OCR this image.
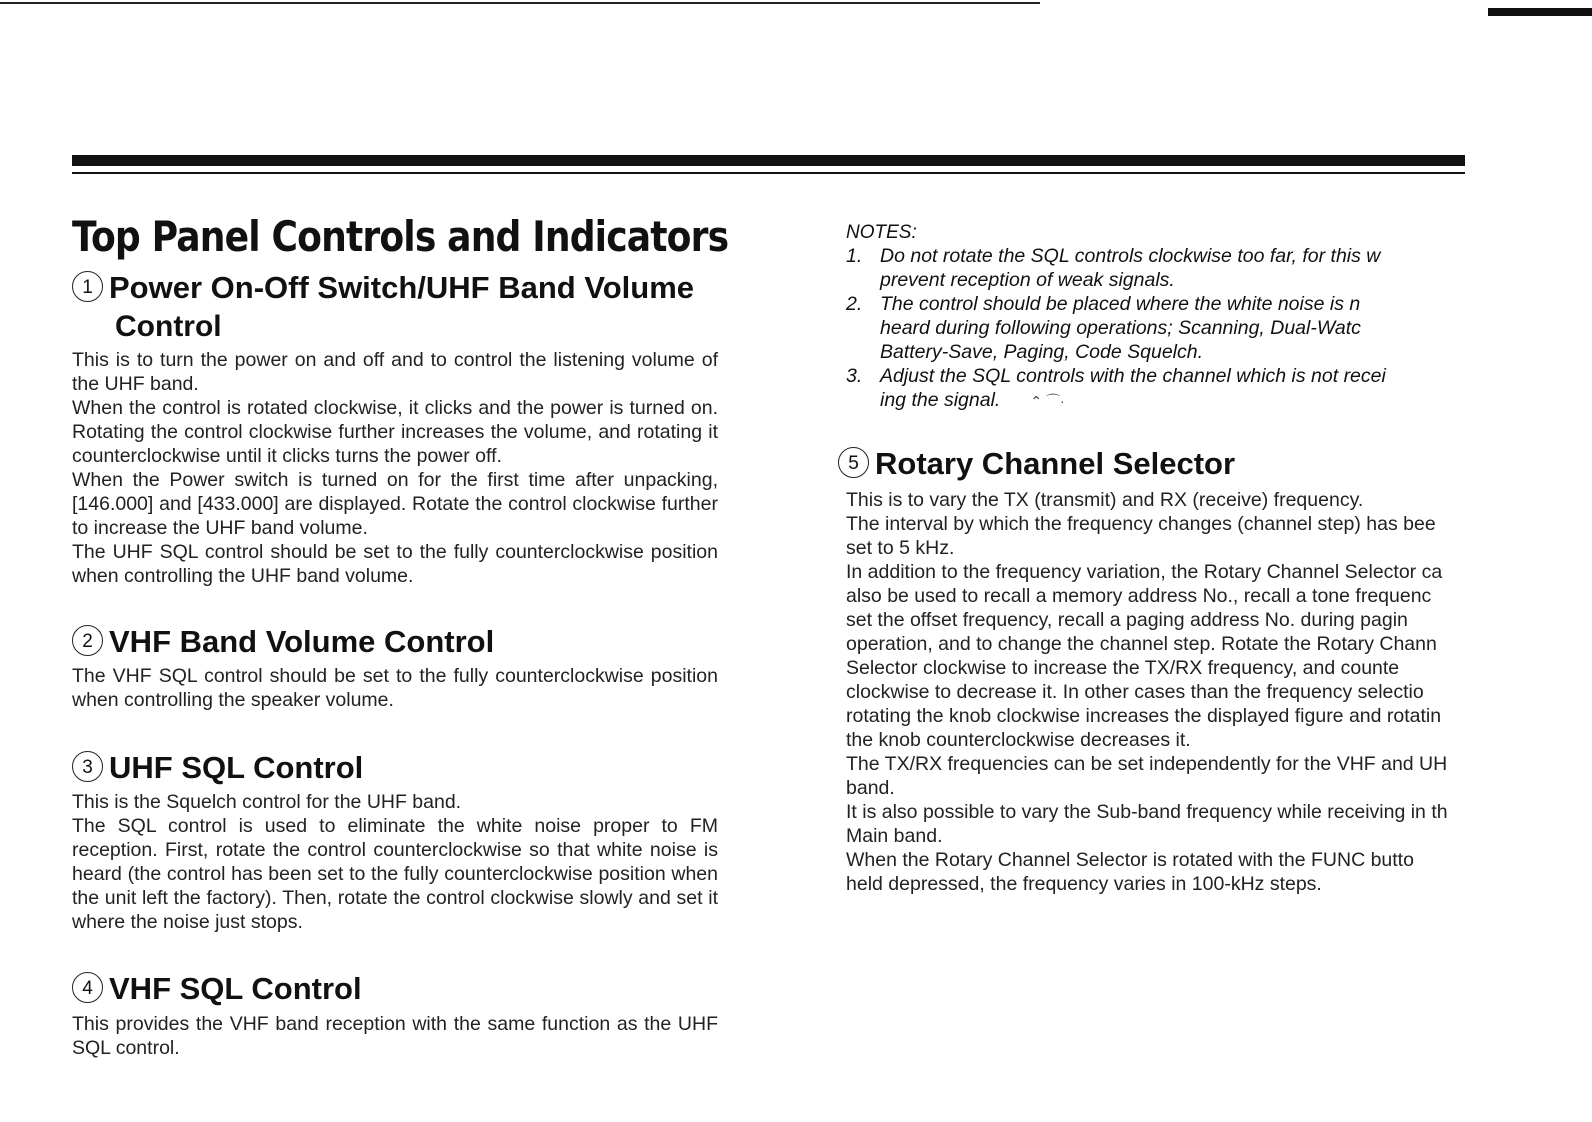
Top Panel Controls and Indicators
1 Power On-Off Switch/UHF Band Volume
Control

This is to turn the power on and off and to control the listening volume of the UHF band.

When the control is rotated clockwise, it clicks and the power is turned on. Rotating the control clockwise further increases the volume, and rotating it counterclockwise until it clicks turns the power off.

When the Power switch is turned on for the first time after unpacking, [146.000] and [433.000] are displayed. Rotate the control clockwise further to increase the UHF band volume.

The UHF SQL control should be set to the fully counterclockwise position when controlling the UHF band volume.

2 VHF Band Volume Control

The VHF SQL control should be set to the fully counterclockwise position when controlling the speaker volume.

3 UHF SQL Control

This is the Squelch control for the UHF band.

The SQL control is used to eliminate the white noise proper to FM reception. First, rotate the control counterclockwise so that white noise is heard (the control has been set to the fully counterclockwise position when the unit left the factory). Then, rotate the control clockwise slowly and set it where the noise just stops.

4 VHF SQL Control

This provides the VHF band reception with the same function as the UHF SQL control.

NOTES:
1. Do not rotate the SQL controls clockwise too far, for this w
prevent reception of weak signals.
2. The control should be placed where the white noise is n
heard during following operations; Scanning, Dual-Watc
Battery-Save, Paging, Code Squelch.
3. Adjust the SQL controls with the channel which is not recei
ing the signal. ⌃ ⌒·
5 Rotary Channel Selector

This is to vary the TX (transmit) and RX (receive) frequency.

The interval by which the frequency changes (channel step) has bee

set to 5 kHz.

In addition to the frequency variation, the Rotary Channel Selector ca

also be used to recall a memory address No., recall a tone frequenc

set the offset frequency, recall a paging address No. during pagin

operation, and to change the channel step. Rotate the Rotary Chann

Selector clockwise to increase the TX/RX frequency, and counte

clockwise to decrease it. In other cases than the frequency selectio

rotating the knob clockwise increases the displayed figure and rotatin

the knob counterclockwise decreases it.

The TX/RX frequencies can be set independently for the VHF and UH

band.

It is also possible to vary the Sub-band frequency while receiving in th

Main band.

When the Rotary Channel Selector is rotated with the FUNC butto

held depressed, the frequency varies in 100-kHz steps.
